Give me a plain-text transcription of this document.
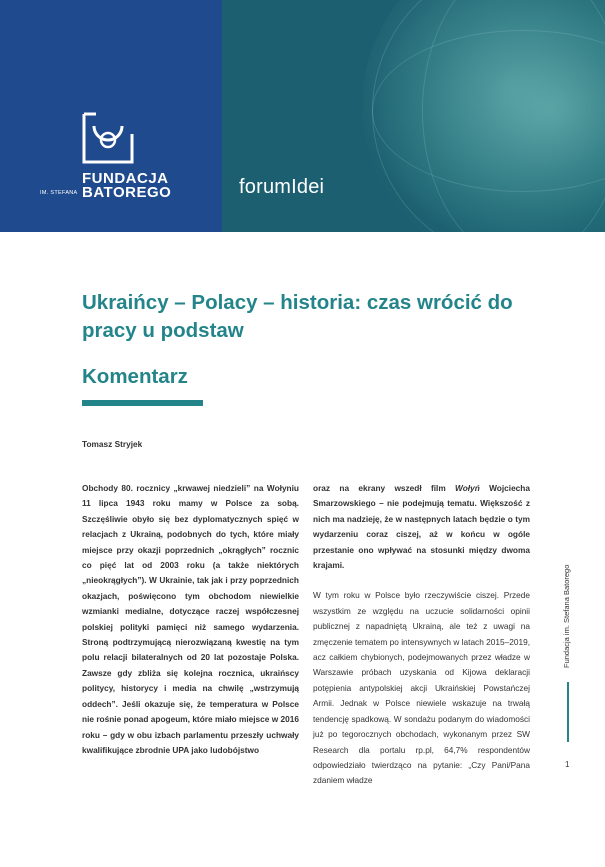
FUNDACJA
IM. STEFANA BATOREGO	forumIdei
Ukraińcy – Polacy – historia: czas wrócić do pracy u podstaw
Komentarz
Tomasz Stryjek

Obchody 80. rocznicy „krwawej niedzieli” na Wołyniu 11 lipca 1943 roku mamy w Polsce za sobą. Szczęśliwie obyło się bez dyplomatycznych spięć w relacjach z Ukrainą, podobnych do tych, które miały miejsce przy okazji poprzednich „okrągłych” rocznic co pięć lat od 2003 roku (a także niektórych „nieokrągłych”). W Ukrainie, tak jak i przy poprzednich okazjach, poświęcono tym obchodom niewielkie wzmianki medialne, dotyczące raczej współczesnej polskiej polityki pamięci niż samego wydarzenia. Stroną podtrzymującą nierozwiązaną kwestię na tym polu relacji bilateralnych od 20 lat pozostaje Polska. Zawsze gdy zbliża się kolejna rocznica, ukraińscy politycy, historycy i media na chwilę „wstrzymują oddech”. Jeśli okazuje się, że temperatura w Polsce nie rośnie ponad apogeum, które miało miejsce w 2016 roku – gdy w obu izbach parlamentu przeszły uchwały kwalifikujące zbrodnie UPA jako ludobójstwo

oraz na ekrany wszedł film Wołyń Wojciecha Smarzowskiego – nie podejmują tematu. Większość z nich ma nadzieję, że w następnych latach będzie o tym wydarzeniu coraz ciszej, aż w końcu w ogóle przestanie ono wpływać na stosunki między dwoma krajami.

W tym roku w Polsce było rzeczywiście ciszej. Przede wszystkim ze względu na uczucie solidarności opinii publicznej z napadniętą Ukrainą, ale też z uwagi na zmęczenie tematem po intensywnych w latach 2015–2019, acz całkiem chybionych, podejmowanych przez władze w Warszawie próbach uzyskania od Kijowa deklaracji potępienia antypolskiej akcji Ukraińskiej Powstańczej Armii. Jednak w Polsce niewiele wskazuje na trwałą tendencję spadkową. W sondażu podanym do wiadomości już po tegorocznych obchodach, wykonanym przez SW Research dla portalu rp.pl, 64,7% respondentów odpowiedziało twierdząco na pytanie: „Czy Pani/Pana zdaniem władze

Fundacja im. Stefana Batorego
1
